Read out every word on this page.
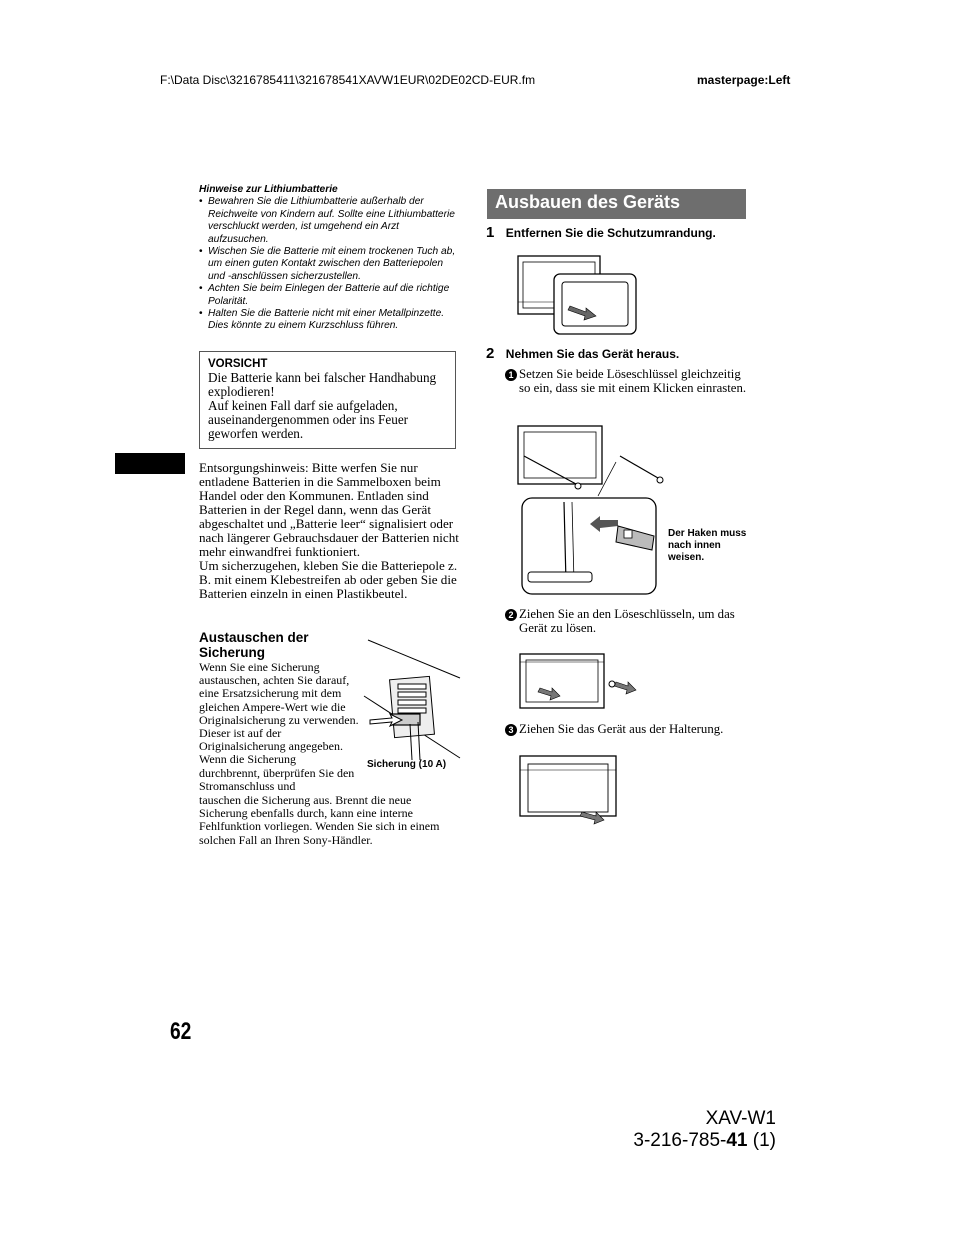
F:\Data Disc\3216785411\321678541XAVW1EUR\02DE02CD-EUR.fm	masterpage:Left
Hinweise zur Lithiumbatterie
• Bewahren Sie die Lithiumbatterie außerhalb der Reichweite von Kindern auf. Sollte eine Lithiumbatterie verschluckt werden, ist umgehend ein Arzt aufzusuchen.
• Wischen Sie die Batterie mit einem trockenen Tuch ab, um einen guten Kontakt zwischen den Batteriepolen und -anschlüssen sicherzustellen.
• Achten Sie beim Einlegen der Batterie auf die richtige Polarität.
• Halten Sie die Batterie nicht mit einer Metallpinzette. Dies könnte zu einem Kurzschluss führen.
VORSICHT
Die Batterie kann bei falscher Handhabung explodieren!
Auf keinen Fall darf sie aufgeladen, auseinandergenommen oder ins Feuer geworfen werden.
Entsorgungshinweis: Bitte werfen Sie nur entladene Batterien in die Sammelboxen beim Handel oder den Kommunen. Entladen sind Batterien in der Regel dann, wenn das Gerät abgeschaltet und „Batterie leer“ signalisiert oder nach längerer Gebrauchsdauer der Batterien nicht mehr einwandfrei funktioniert.
Um sicherzugehen, kleben Sie die Batteriepole z. B. mit einem Klebestreifen ab oder geben Sie die Batterien einzeln in einen Plastikbeutel.
Austauschen der Sicherung
Wenn Sie eine Sicherung austauschen, achten Sie darauf, eine Ersatzsicherung mit dem gleichen Ampere-Wert wie die Originalsicherung zu verwenden. Dieser ist auf der Originalsicherung angegeben. Wenn die Sicherung durchbrennt, überprüfen Sie den Stromanschluss und
tauschen die Sicherung aus. Brennt die neue Sicherung ebenfalls durch, kann eine interne Fehlfunktion vorliegen. Wenden Sie sich in einem solchen Fall an Ihren Sony-Händler.
Sicherung (10 A)
Ausbauen des Geräts
1 Entfernen Sie die Schutzumrandung.
2 Nehmen Sie das Gerät heraus.
1 Setzen Sie beide Löseschlüssel gleichzeitig so ein, dass sie mit einem Klicken einrasten.
Der Haken muss nach innen weisen.
2 Ziehen Sie an den Löseschlüsseln, um das Gerät zu lösen.
3 Ziehen Sie das Gerät aus der Halterung.
62
XAV-W1
3-216-785-41 (1)
